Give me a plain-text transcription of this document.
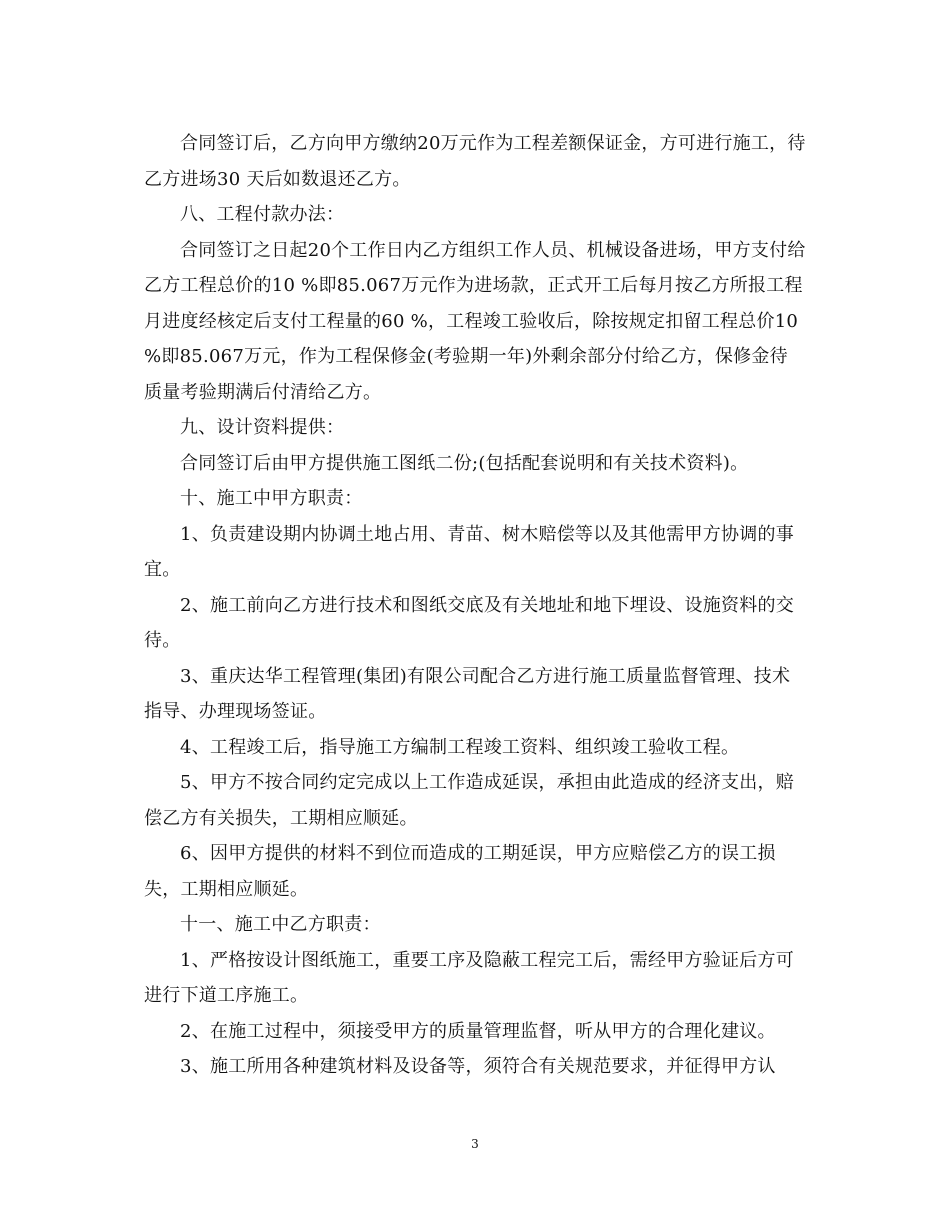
合同签订后，乙方向甲方缴纳20万元作为工程差额保证金，方可进行施工，待乙方进场30 天后如数退还乙方。

八、工程付款办法：

合同签订之日起20个工作日内乙方组织工作人员、机械设备进场，甲方支付给乙方工程总价的10 %即85.067万元作为进场款，正式开工后每月按乙方所报工程月进度经核定后支付工程量的60 %，工程竣工验收后，除按规定扣留工程总价10 %即85.067万元，作为工程保修金(考验期一年)外剩余部分付给乙方，保修金待质量考验期满后付清给乙方。

九、设计资料提供：

合同签订后由甲方提供施工图纸二份;(包括配套说明和有关技术资料)。

十、施工中甲方职责：

1、负责建设期内协调土地占用、青苗、树木赔偿等以及其他需甲方协调的事宜。

2、施工前向乙方进行技术和图纸交底及有关地址和地下埋设、设施资料的交待。

3、重庆达华工程管理(集团)有限公司配合乙方进行施工质量监督管理、技术指导、办理现场签证。

4、工程竣工后，指导施工方编制工程竣工资料、组织竣工验收工程。

5、甲方不按合同约定完成以上工作造成延误，承担由此造成的经济支出，赔偿乙方有关损失，工期相应顺延。

6、因甲方提供的材料不到位而造成的工期延误，甲方应赔偿乙方的误工损失，工期相应顺延。

十一、施工中乙方职责：

1、严格按设计图纸施工，重要工序及隐蔽工程完工后，需经甲方验证后方可进行下道工序施工。

2、在施工过程中，须接受甲方的质量管理监督，听从甲方的合理化建议。

3、施工所用各种建筑材料及设备等，须符合有关规范要求，并征得甲方认

3
